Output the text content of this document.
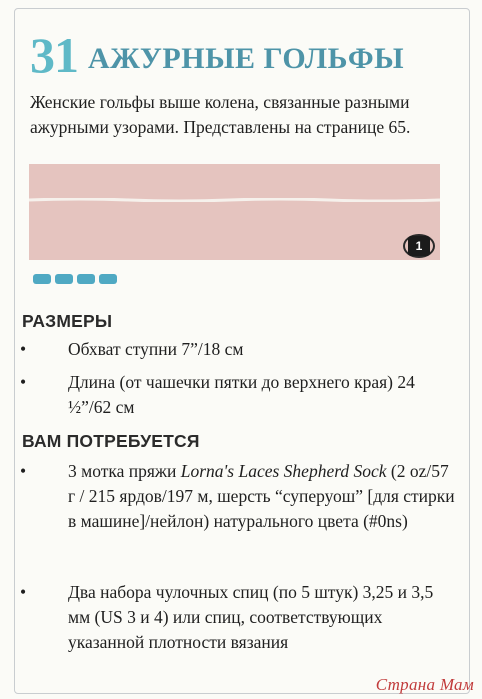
31 АЖУРНЫЕ ГОЛЬФЫ
Женские гольфы выше колена, связанные разными ажурными узорами. Представлены на странице 65.
1
РАЗМЕРЫ
•	Обхват ступни 7”/18 см
•	Длина (от чашечки пятки до верхнего края) 24 ½”/62 см
ВАМ ПОТРЕБУЕТСЯ
•	3 мотка пряжи Lorna's Laces Shepherd Sock (2 oz/57 г / 215 ярдов/197 м, шерсть “суперуош” [для стирки в машине]/нейлон) натурального цвета (#0ns)
•	Два набора чулочных спиц (по 5 штук) 3,25 и 3,5 мм (US 3 и 4) или спиц, соответствующих указанной плотности вязания
Страна Мам
